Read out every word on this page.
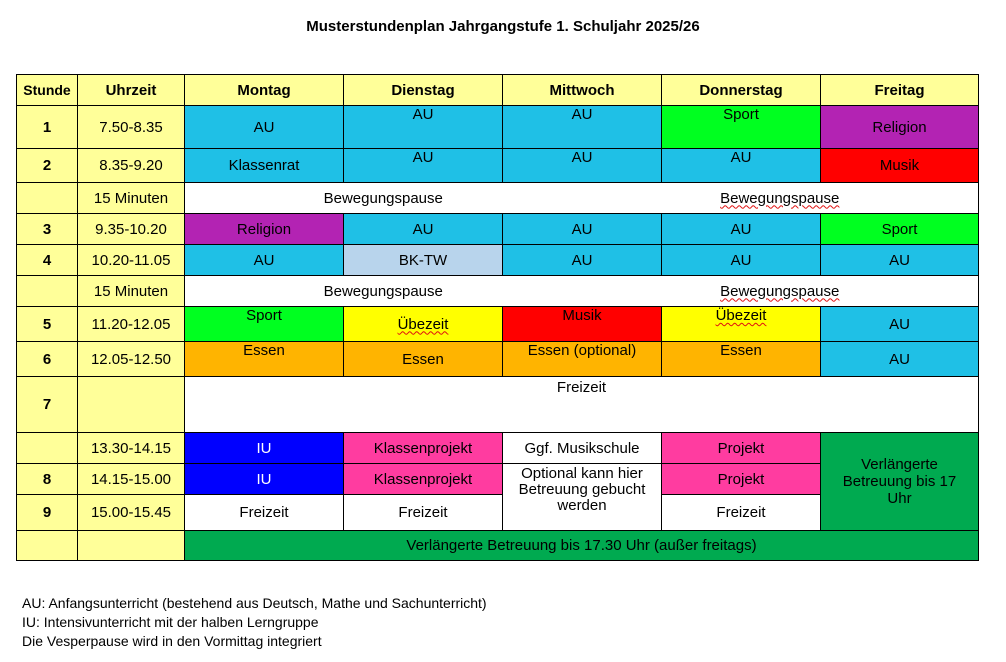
Musterstundenplan Jahrgangstufe 1. Schuljahr 2025/26
Stunde	Uhrzeit	Montag	Dienstag	Mittwoch	Donnerstag	Freitag
1	7.50-8.35	AU	AU	AU	Sport	Religion
2	8.35-9.20	Klassenrat	AU	AU	AU	Musik
	15 Minuten	Bewegungspause Bewegungspause				

3	9.35-10.20	Religion	AU	AU	AU	Sport
4	10.20-11.05	AU	BK-TW	AU	AU	AU
	15 Minuten	Bewegungspause Bewegungspause				

5	11.20-12.05	Sport	Übezeit	Musik	Übezeit	AU
6	12.05-12.50	Essen	Essen	Essen (optional)	Essen	AU
7		Freizeit				
	13.30-14.15	IU	Klassenprojekt	Ggf. Musikschule	Projekt	Verlängerte Betreuung bis 17 Uhr
8	14.15-15.00	IU	Klassenprojekt	Optional kann hier Betreuung gebucht werden	Projekt	
9	15.00-15.45	Freizeit	Freizeit		Freizeit	
		Verlängerte Betreuung bis 17.30 Uhr (außer freitags)				
AU: Anfangsunterricht (bestehend aus Deutsch, Mathe und Sachunterricht)
IU: Intensivunterricht mit der halben Lerngruppe
Die Vesperpause wird in den Vormittag integriert
